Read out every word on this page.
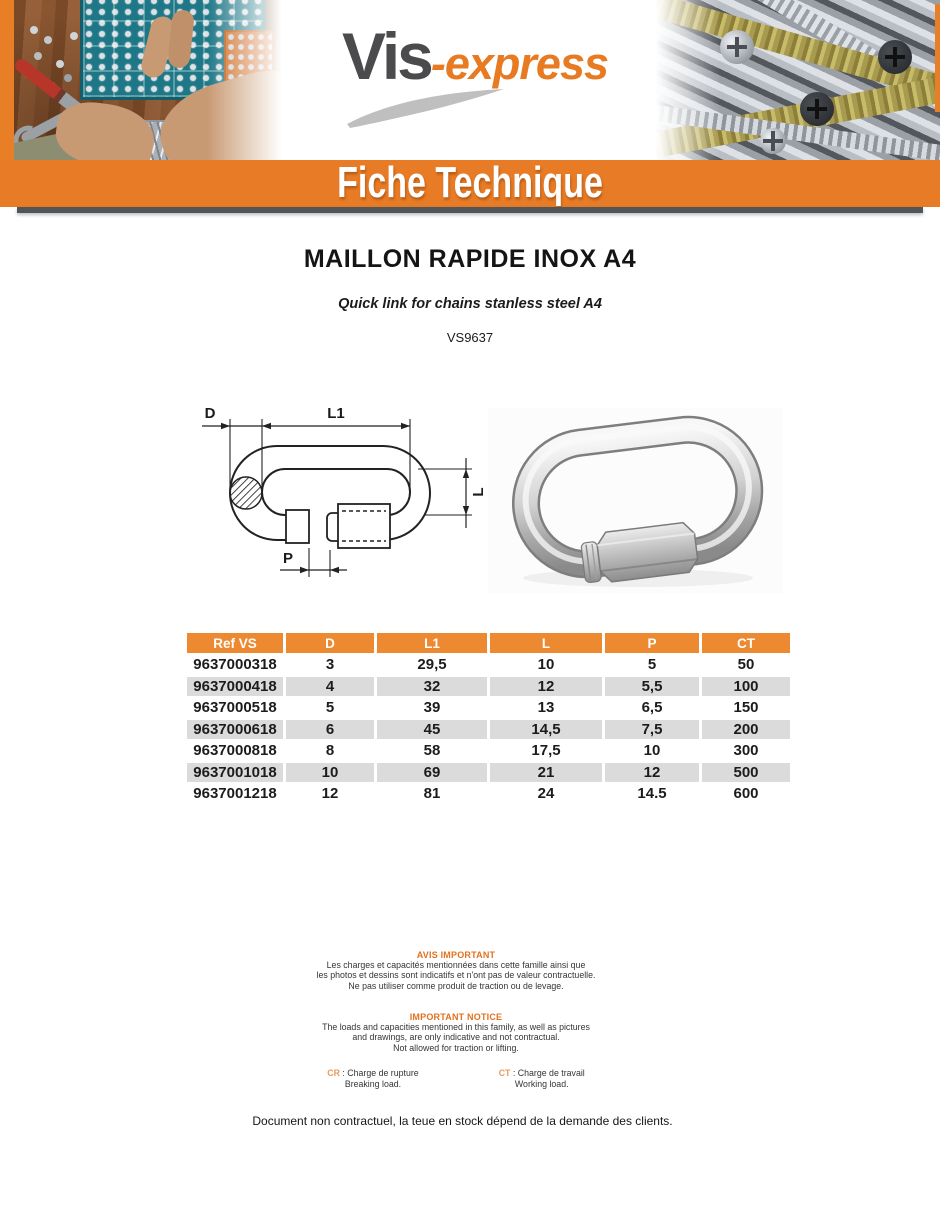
Vis-express
Fiche Technique
MAILLON RAPIDE INOX A4

Quick link for chains stanless steel A4

VS9637

D	L1
L
P
Ref VS	D	L1	L	P	CT
9637000318	3	29,5	10	5	50
9637000418	4	32	12	5,5	100
9637000518	5	39	13	6,5	150
9637000618	6	45	14,5	7,5	200
9637000818	8	58	17,5	10	300
9637001018	10	69	21	12	500
9637001218	12	81	24	14.5	600
AVIS IMPORTANT

Les charges et capacités mentionnées dans cette famille ainsi que

les photos et dessins sont indicatifs et n'ont pas de valeur contractuelle.

Ne pas utiliser comme produit de traction ou de levage.

IMPORTANT NOTICE

The loads and capacities mentioned in this family, as well as pictures

and drawings, are only indicative and not contractual.

Not allowed for traction or lifting.

CR : Charge de rupture
Breaking load.
CT : Charge de travail
Working load.

Document non contractuel, la teue en stock dépend de la demande des clients.
